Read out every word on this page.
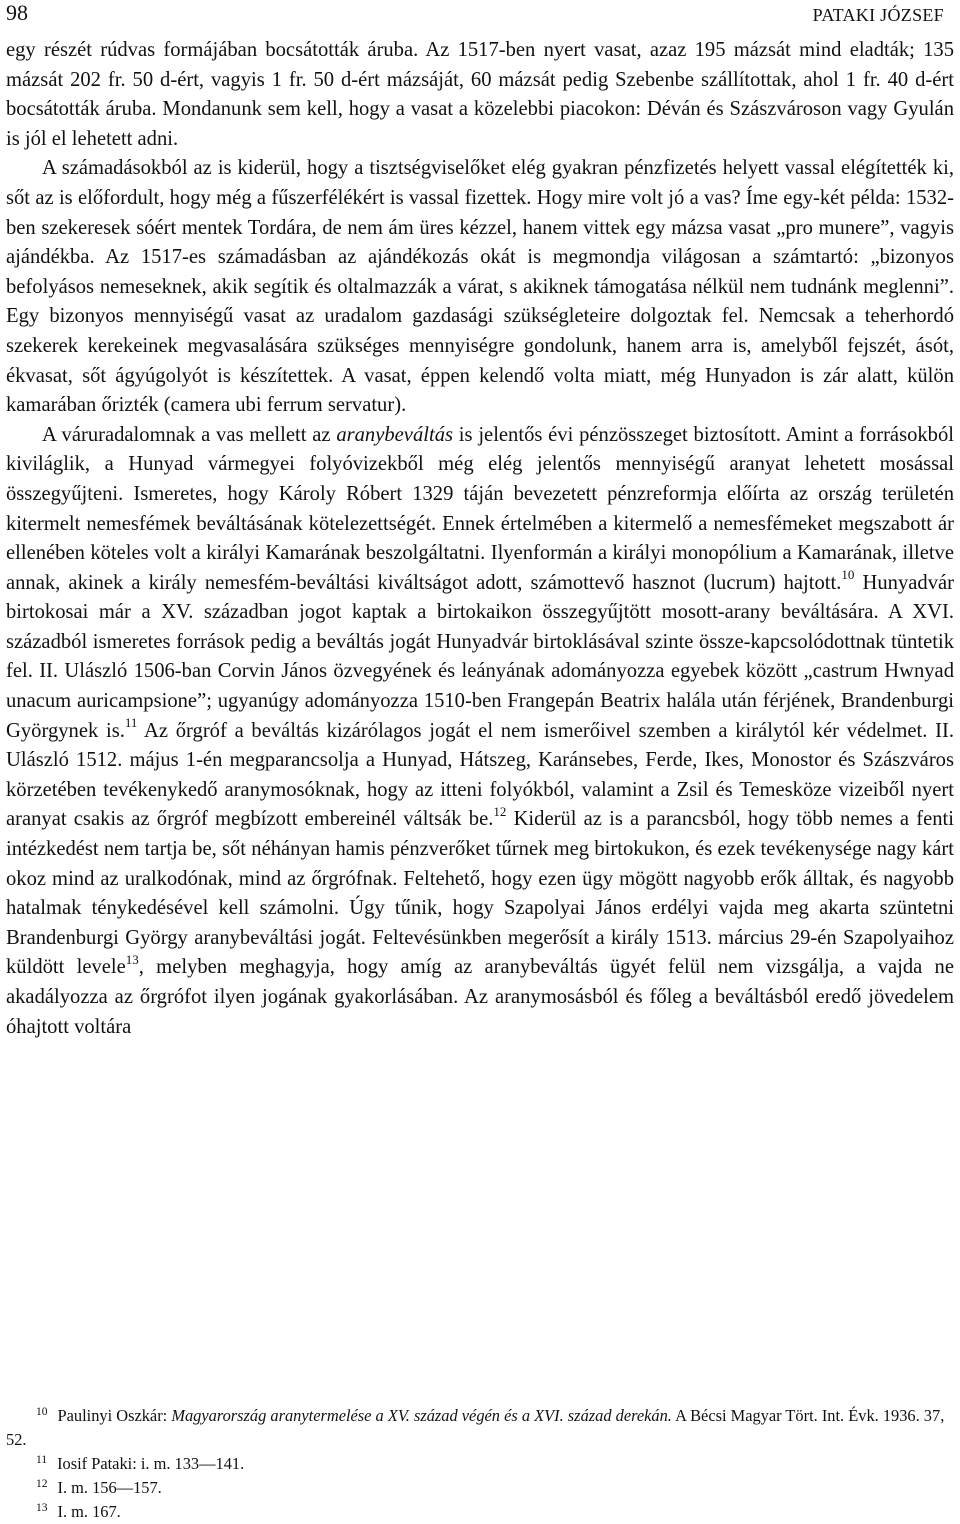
98	PATAKI JÓZSEF

egy részét rúdvas formájában bocsátották áruba. Az 1517-ben nyert vasat, azaz 195 mázsát mind eladták; 135 mázsát 202 fr. 50 d-ért, vagyis 1 fr. 50 d-ért mázsáját, 60 mázsát pedig Szebenbe szállítottak, ahol 1 fr. 40 d-ért bocsátották áruba. Mondanunk sem kell, hogy a vasat a közelebbi piacokon: Déván és Szászvároson vagy Gyulán is jól el lehetett adni.

A számadásokból az is kiderül, hogy a tisztségviselőket elég gyakran pénzfizetés helyett vassal elégítették ki, sőt az is előfordult, hogy még a fűszerfélékért is vassal fizettek. Hogy mire volt jó a vas? Íme egy-két példa: 1532-ben szekeresek sóért mentek Tordára, de nem ám üres kézzel, hanem vittek egy mázsa vasat „pro munere”, vagyis ajándékba. Az 1517-es számadásban az ajándékozás okát is megmondja világosan a számtartó: „bizonyos befolyásos nemeseknek, akik segítik és oltalmazzák a várat, s akiknek támogatása nélkül nem tudnánk meglenni”. Egy bizonyos mennyiségű vasat az uradalom gazdasági szükségleteire dolgoztak fel. Nemcsak a teherhordó szekerek kerekeinek megvasalására szükséges mennyiségre gondolunk, hanem arra is, amelyből fejszét, ásót, ékvasat, sőt ágyúgolyót is készítettek. A vasat, éppen kelendő volta miatt, még Hunyadon is zár alatt, külön kamarában őrizték (camera ubi ferrum servatur).

A váruradalomnak a vas mellett az aranybeváltás is jelentős évi pénzösszeget biztosított. Amint a forrásokból kiviláglik, a Hunyad vármegyei folyóvizekből még elég jelentős mennyiségű aranyat lehetett mosással összegyűjteni. Ismeretes, hogy Károly Róbert 1329 táján bevezetett pénzreformja előírta az ország területén kitermelt nemesfémek beváltásának kötelezettségét. Ennek értelmében a kitermelő a nemesfémeket megszabott ár ellenében köteles volt a királyi Kamarának beszolgáltatni. Ilyenformán a királyi monopólium a Kamarának, illetve annak, akinek a király nemesfém-beváltási kiváltságot adott, számottevő hasznot (lucrum) hajtott.$^{10}$ Hunyadvár birtokosai már a XV. században jogot kaptak a birtokaikon összegyűjtött mosott-arany beváltására. A XVI. századból ismeretes források pedig a beváltás jogát Hunyadvár birtoklásával szinte össze-kapcsolódottnak tüntetik fel. II. Ulászló 1506-ban Corvin János özvegyének és leányának adományozza egyebek között „castrum Hwnyad unacum auricampsione”; ugyanúgy adományozza 1510-ben Frangepán Beatrix halála után férjének, Brandenburgi Györgynek is.$^{11}$ Az őrgróf a beváltás kizárólagos jogát el nem ismerőivel szemben a királytól kér védelmet. II. Ulászló 1512. május 1-én megparancsolja a Hunyad, Hátszeg, Karánsebes, Ferde, Ikes, Monostor és Szászváros körzetében tevékenykedő aranymosóknak, hogy az itteni folyókból, valamint a Zsil és Temesköze vizeiből nyert aranyat csakis az őrgróf megbízott embereinél váltsák be.$^{12}$ Kiderül az is a parancsból, hogy több nemes a fenti intézkedést nem tartja be, sőt néhányan hamis pénzverőket tűrnek meg birtokukon, és ezek tevékenysége nagy kárt okoz mind az uralkodónak, mind az őrgrófnak. Feltehető, hogy ezen ügy mögött nagyobb erők álltak, és nagyobb hatalmak ténykedésével kell számolni. Úgy tűnik, hogy Szapolyai János erdélyi vajda meg akarta szüntetni Brandenburgi György aranybeváltási jogát. Feltevésünkben megerősít a király 1513. március 29-én Szapolyaihoz küldött levele$^{13}$, melyben meghagyja, hogy amíg az aranybeváltás ügyét felül nem vizsgálja, a vajda ne akadályozza az őrgrófot ilyen jogának gyakorlásában. Az aranymosásból és főleg a beváltásból eredő jövedelem óhajtott voltára

$^{10}$ Paulinyi Oszkár: Magyarország aranytermelése a XV. század végén és a XVI. század derekán. A Bécsi Magyar Tört. Int. Évk. 1936. 37, 52.

$^{11}$ Iosif Pataki: i. m. 133—141.

$^{12}$ I. m. 156—157.

$^{13}$ I. m. 167.
